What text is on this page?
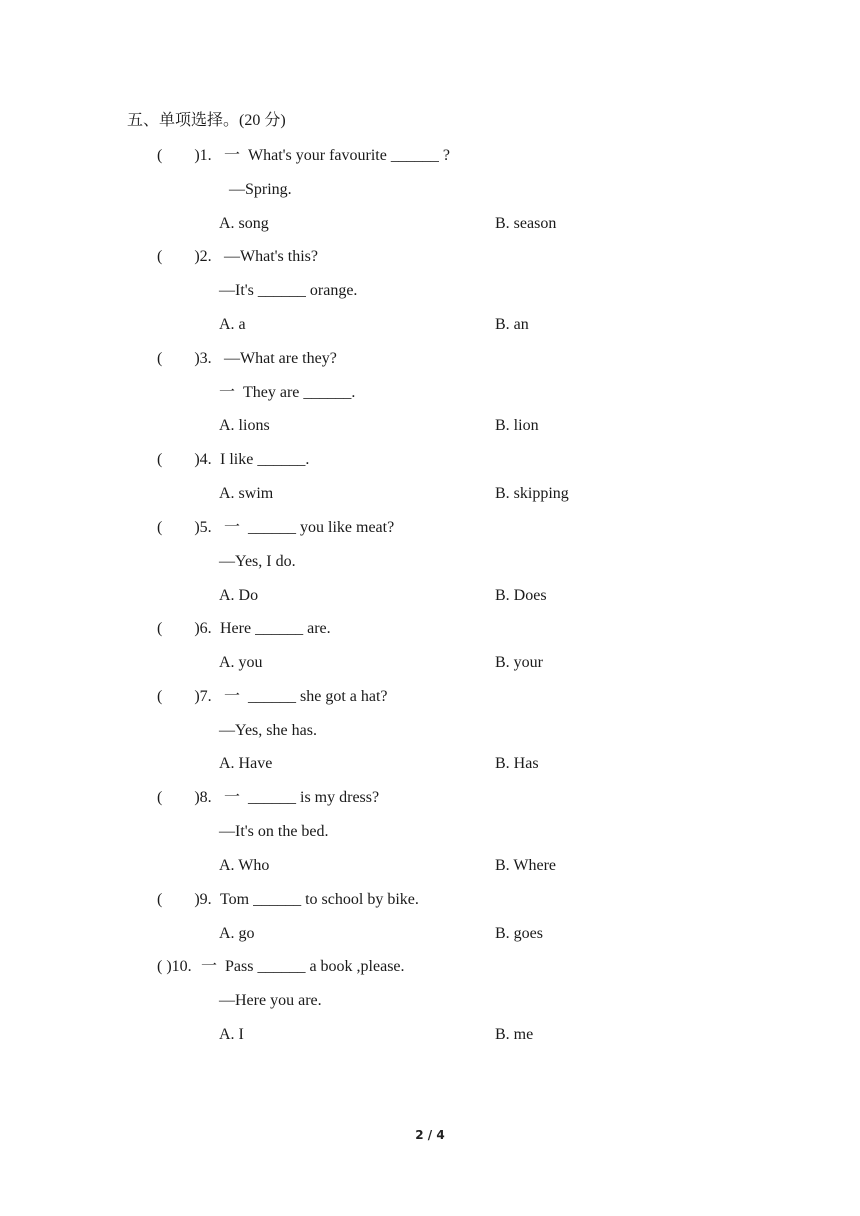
五、单项选择。(20 分)
(        )1. 一  What's your favourite ______ ?
—Spring.
A. song	B. season
(        )2. —What's this?
—It's ______ orange.
A. a	B. an
(        )3. —What are they?
一  They are ______.
A. lions	B. lion
(        )4. I like ______.
A. swim	B. skipping
(        )5. 一  ______ you like meat?
—Yes, I do.
A. Do	B. Does
(        )6. Here ______ are.
A. you	B. your
(        )7. 一  ______ she got a hat?
—Yes, she has.
A. Have	B. Has
(        )8. 一  ______ is my dress?
—It's on the bed.
A. Who	B. Where
(        )9. Tom ______ to school by bike.
A. go	B. goes
( )10. 一  Pass ______ a book ,please.
—Here you are.
A. I	B. me
2 / 4
